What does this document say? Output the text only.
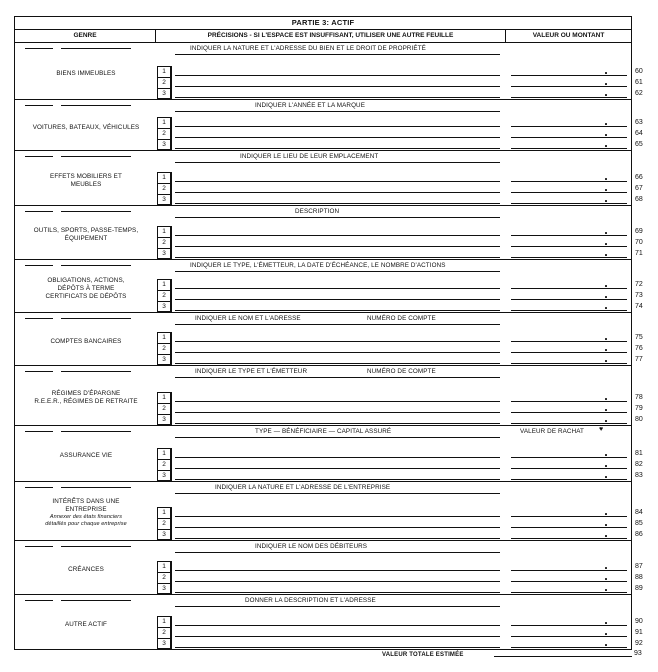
PARTIE 3: ACTIF
GENRE	PRÉCISIONS - SI L'ESPACE EST INSUFFISANT, UTILISER UNE AUTRE FEUILLE	VALEUR OU MONTANT
INDIQUER LA NATURE ET L'ADRESSE DU BIEN ET LE DROIT DE PROPRIÉTÉ
BIENS IMMEUBLES	1	60
2	61
3	62
INDIQUER L'ANNÉE ET LA MARQUE
VOITURES, BATEAUX, VÉHICULES
1	63
2	64
3	65
INDIQUER LE LIEU DE LEUR EMPLACEMENT
EFFETS MOBILIERS ET
MEUBLES
1	66
2	67
3	68
DESCRIPTION
OUTILS, SPORTS, PASSE-TEMPS,
ÉQUIPEMENT
1	69
2	70
3	71
INDIQUER LE TYPE, L'ÉMETTEUR, LA DATE D'ÉCHÉANCE, LE NOMBRE D'ACTIONS
OBLIGATIONS, ACTIONS,
DÉPÔTS À TERME
CERTIFICATS DE DÉPÔTS
1	72
2	73
3	74
INDIQUER LE NOM ET L'ADRESSE	NUMÉRO DE COMPTE
COMPTES BANCAIRES
1	75
2	76
3	77
INDIQUER LE TYPE ET L'ÉMETTEUR	NUMÉRO DE COMPTE
RÉGIMES D'ÉPARGNE
R.E.E.R., RÉGIMES DE RETRAITE
1	78
2	79
3	80
TYPE — BÉNÉFICIAIRE — CAPITAL ASSURÉ	VALEUR DE RACHAT ♥
ASSURANCE VIE	1	81
2	82
3	83
INDIQUER LA NATURE ET L'ADRESSE DE L'ENTREPRISE
INTÉRÊTS DANS UNE
ENTREPRISE
Annexer des états financiers
détaillés pour chaque entreprise
1	84
2	85
3	86
INDIQUER LE NOM DES DÉBITEURS
CRÉANCES	1	87
2	88
3	89
DONNER LA DESCRIPTION ET L'ADRESSE
AUTRE ACTIF	1	90
2	91
3	92
VALEUR TOTALE ESTIMÉE	93
